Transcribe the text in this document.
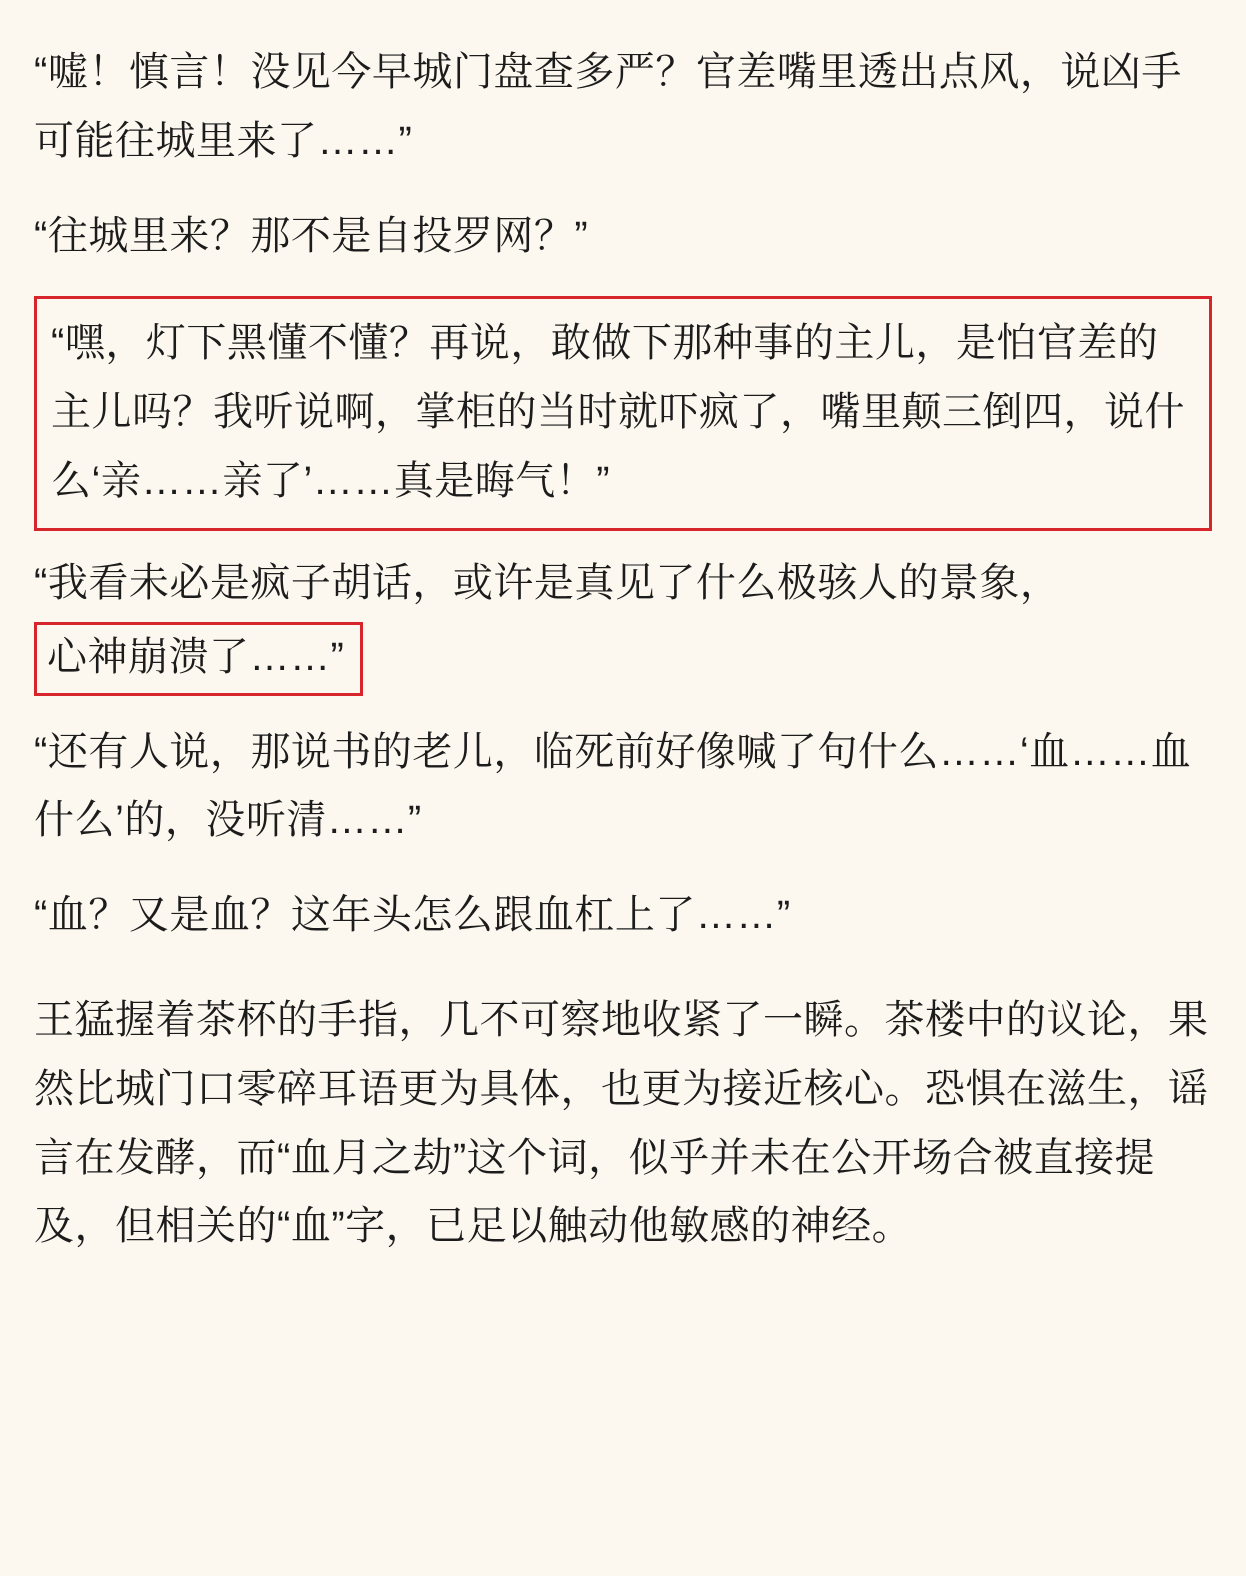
“嘘！慎言！没见今早城门盘查多严？官差嘴里透出点风，说凶手可能往城里来了……”

“往城里来？那不是自投罗网？”

“嘿，灯下黑懂不懂？再说，敢做下那种事的主儿，是怕官差的主儿吗？我听说啊，掌柜的当时就吓疯了，嘴里颠三倒四，说什么‘亲……亲了’……真是晦气！”

“我看未必是疯子胡话，或许是真见了什么极骇人的景象，
心神崩溃了……”

“还有人说，那说书的老儿，临死前好像喊了句什么……‘血……血什么’的，没听清……”

“血？又是血？这年头怎么跟血杠上了……”

王猛握着茶杯的手指，几不可察地收紧了一瞬。茶楼中的议论，果然比城门口零碎耳语更为具体，也更为接近核心。恐惧在滋生，谣言在发酵，而“血月之劫”这个词，似乎并未在公开场合被直接提及，但相关的“血”字，已足以触动他敏感的神经。
